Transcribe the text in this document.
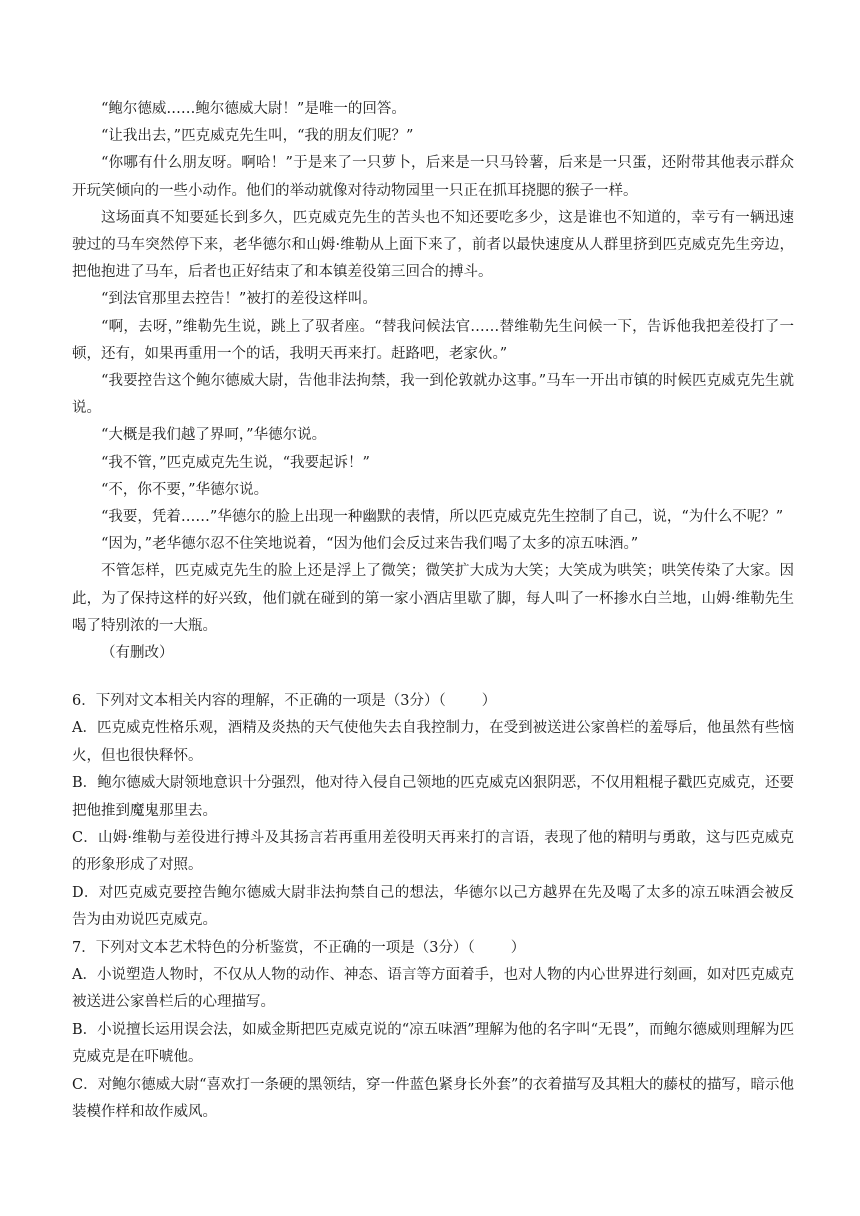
“鲍尔德威……鲍尔德威大尉！”是唯一的回答。

“让我出去，”匹克威克先生叫，“我的朋友们呢？”

“你哪有什么朋友呀。啊哈！”于是来了一只萝卜，后来是一只马铃薯，后来是一只蛋，还附带其他表示群众开玩笑倾向的一些小动作。他们的举动就像对待动物园里一只正在抓耳挠腮的猴子一样。

这场面真不知要延长到多久，匹克威克先生的苦头也不知还要吃多少，这是谁也不知道的，幸亏有一辆迅速驶过的马车突然停下来，老华德尔和山姆·维勒从上面下来了，前者以最快速度从人群里挤到匹克威克先生旁边，把他抱进了马车，后者也正好结束了和本镇差役第三回合的搏斗。

“到法官那里去控告！”被打的差役这样叫。

“啊，去呀，”维勒先生说，跳上了驭者座。“替我问候法官……替维勒先生问候一下，告诉他我把差役打了一顿，还有，如果再重用一个的话，我明天再来打。赶路吧，老家伙。”

“我要控告这个鲍尔德威大尉，告他非法拘禁，我一到伦敦就办这事。”马车一开出市镇的时候匹克威克先生就说。

“大概是我们越了界呵，”华德尔说。

“我不管，”匹克威克先生说，“我要起诉！”

“不，你不要，”华德尔说。

“我要，凭着……”华德尔的脸上出现一种幽默的表情，所以匹克威克先生控制了自己，说，“为什么不呢？”

“因为，”老华德尔忍不住笑地说着，“因为他们会反过来告我们喝了太多的凉五味酒。”

不管怎样，匹克威克先生的脸上还是浮上了微笑；微笑扩大成为大笑；大笑成为哄笑；哄笑传染了大家。因此，为了保持这样的好兴致，他们就在碰到的第一家小酒店里歇了脚，每人叫了一杯掺水白兰地，山姆·维勒先生喝了特别浓的一大瓶。

（有删改）

6．下列对文本相关内容的理解，不正确的一项是（3分）（ ）

A．匹克威克性格乐观，酒精及炎热的天气使他失去自我控制力，在受到被送进公家兽栏的羞辱后，他虽然有些恼火，但也很快释怀。

B．鲍尔德威大尉领地意识十分强烈，他对待入侵自己领地的匹克威克凶狠阴恶，不仅用粗棍子戳匹克威克，还要把他推到魔鬼那里去。

C．山姆·维勒与差役进行搏斗及其扬言若再重用差役明天再来打的言语，表现了他的精明与勇敢，这与匹克威克的形象形成了对照。

D．对匹克威克要控告鲍尔德威大尉非法拘禁自己的想法，华德尔以己方越界在先及喝了太多的凉五味酒会被反告为由劝说匹克威克。

7．下列对文本艺术特色的分析鉴赏，不正确的一项是（3分）（ ）

A．小说塑造人物时，不仅从人物的动作、神态、语言等方面着手，也对人物的内心世界进行刻画，如对匹克威克被送进公家兽栏后的心理描写。

B．小说擅长运用误会法，如威金斯把匹克威克说的“凉五味酒”理解为他的名字叫“无畏”，而鲍尔德威则理解为匹克威克是在吓唬他。

C．对鲍尔德威大尉“喜欢打一条硬的黑领结，穿一件蓝色紧身长外套”的衣着描写及其粗大的藤杖的描写，暗示他装模作样和故作威风。
